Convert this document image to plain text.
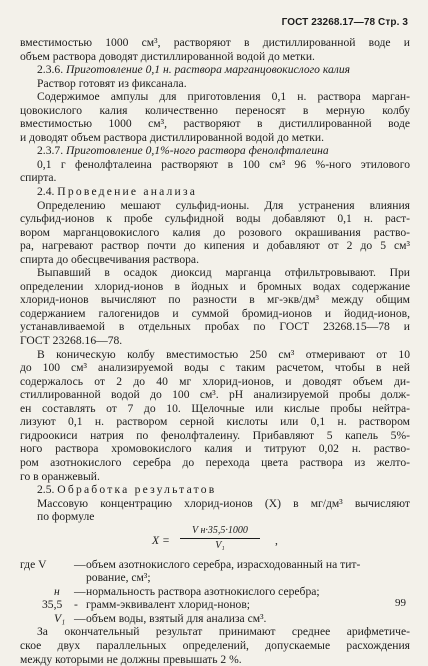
ГОСТ 23268.17—78 Стр. 3
вместимостью 1000 см³, растворяют в дистиллированной воде и
объем раствора доводят дистиллированной водой до метки.
2.3.6. Приготовление 0,1 н. раствора марганцовокислого калия
Раствор готовят из фиксанала.
Содержимое ампулы для приготовления 0,1 н. раствора марган-
цовокислого калия количественно переносят в мерную колбу
вместимостью 1000 см³, растворяют в дистиллированной воде
и доводят объем раствора дистиллированной водой до метки.
2.3.7. Приготовление 0,1%-ного раствора фенолфталеина
0,1 г фенолфталеина растворяют в 100 см³ 96 %-ного этилового
спирта.
2.4. Проведение анализа
Определению мешают сульфид-ионы. Для устранения влияния
сульфид-ионов к пробе сульфидной воды добавляют 0,1 н. раст-
вором марганцовокислого калия до розового окрашивания раство-
ра, нагревают раствор почти до кипения и добавляют от 2 до 5 см³
спирта до обесцвечивания раствора.
Выпавший в осадок диоксид марганца отфильтровывают. При
определении хлорид-ионов в йодных и бромных водах содержание
хлорид-ионов вычисляют по разности в мг-экв/дм³ между общим
содержанием галогенидов и суммой бромид-ионов и йодид-ионов,
устанавливаемой в отдельных пробах по ГОСТ 23268.15—78 и
ГОСТ 23268.16—78.
В коническую колбу вместимостью 250 см³ отмеривают от 10
до 100 см³ анализируемой воды с таким расчетом, чтобы в ней
содержалось от 2 до 40 мг хлорид-ионов, и доводят объем ди-
стиллированной водой до 100 см³. pH анализируемой пробы долж-
ен составлять от 7 до 10. Щелочные или кислые пробы нейтра-
лизуют 0,1 н. раствором серной кислоты или 0,1 н. раствором
гидроокиси натрия по фенолфталеину. Прибавляют 5 капель 5%-
ного раствора хромовокислого калия и титруют 0,02 н. раство-
ром азотнокислого серебра до перехода цвета раствора из желто-
го в оранжевый.
2.5. Обработка результатов
Массовую концентрацию хлорид-ионов (X) в мг/дм³ вычисляют
по формуле
X =
V н·35,5·1000
V₁	,
где V	—	объем азотнокислого серебра, израсходованный на тит-
		рование, см³;
н	—	нормальность раствора азотнокислого серебра;
35,5	-	грамм-эквивалент хлорид-нонов;
V₁	—	объем воды, взятый для анализа см³.
За окончательный результат принимают среднее арифметиче-
ское двух параллельных определений, допускаемые расхождения
между которыми не должны превышать 2 %.
99
